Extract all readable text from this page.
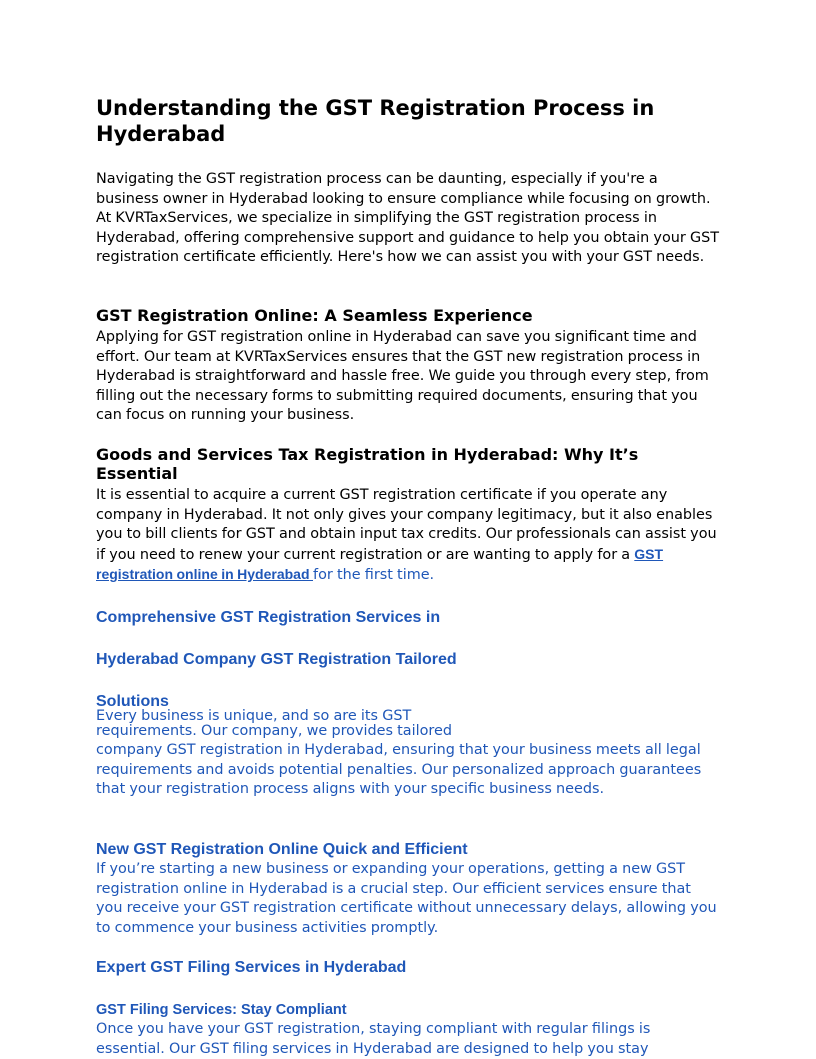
Understanding the GST Registration Process in Hyderabad

Navigating the GST registration process can be daunting, especially if you're a business owner in Hyderabad looking to ensure compliance while focusing on growth. At KVRTaxServices, we specialize in simplifying the GST registration process in Hyderabad, offering comprehensive support and guidance to help you obtain your GST registration certificate efficiently. Here's how we can assist you with your GST needs.

GST Registration Online: A Seamless Experience

Applying for GST registration online in Hyderabad can save you significant time and effort. Our team at KVRTaxServices ensures that the GST new registration process in Hyderabad is straightforward and hassle free. We guide you through every step, from filling out the necessary forms to submitting required documents, ensuring that you can focus on running your business.

Goods and Services Tax Registration in Hyderabad: Why It’s Essential

It is essential to acquire a current GST registration certificate if you operate any company in Hyderabad. It not only gives your company legitimacy, but it also enables you to bill clients for GST and obtain input tax credits. Our professionals can assist you if you need to renew your current registration or are wanting to apply for a GST registration online in Hyderabad for the first time.

Comprehensive GST Registration Services in
Hyderabad Company GST Registration Tailored
Solutions
Every business is unique, and so are its GST
requirements. Our company, we provides tailored

company GST registration in Hyderabad, ensuring that your business meets all legal requirements and avoids potential penalties. Our personalized approach guarantees that your registration process aligns with your specific business needs.

New GST Registration Online Quick and Efficient

If you’re starting a new business or expanding your operations, getting a new GST registration online in Hyderabad is a crucial step. Our efficient services ensure that you receive your GST registration certificate without unnecessary delays, allowing you to commence your business activities promptly.

Expert GST Filing Services in Hyderabad
GST Filing Services: Stay Compliant

Once you have your GST registration, staying compliant with regular filings is essential. Our GST filing services in Hyderabad are designed to help you stay
